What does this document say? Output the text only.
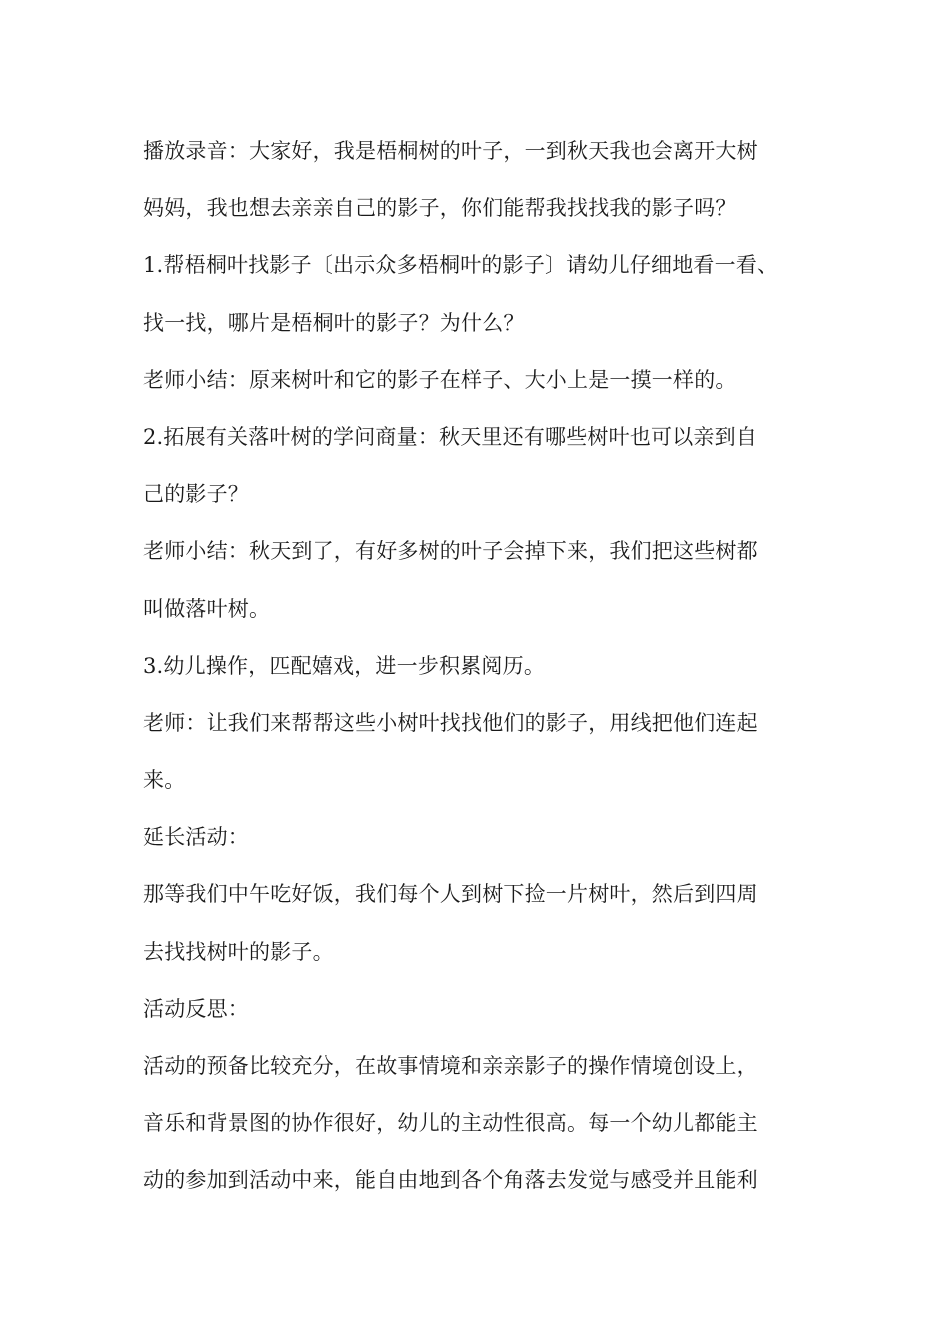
播放录音：大家好，我是梧桐树的叶子，一到秋天我也会离开大树
妈妈，我也想去亲亲自己的影子，你们能帮我找找我的影子吗？
1.帮梧桐叶找影子〔出示众多梧桐叶的影子〕请幼儿仔细地看一看、
找一找，哪片是梧桐叶的影子？为什么？
老师小结：原来树叶和它的影子在样子、大小上是一摸一样的。
2.拓展有关落叶树的学问商量：秋天里还有哪些树叶也可以亲到自
己的影子？
老师小结：秋天到了，有好多树的叶子会掉下来，我们把这些树都
叫做落叶树。
3.幼儿操作，匹配嬉戏，进一步积累阅历。
老师：让我们来帮帮这些小树叶找找他们的影子，用线把他们连起
来。
延长活动：
那等我们中午吃好饭，我们每个人到树下捡一片树叶，然后到四周
去找找树叶的影子。
活动反思：
活动的预备比较充分，在故事情境和亲亲影子的操作情境创设上，
音乐和背景图的协作很好，幼儿的主动性很高。每一个幼儿都能主
动的参加到活动中来，能自由地到各个角落去发觉与感受并且能利
